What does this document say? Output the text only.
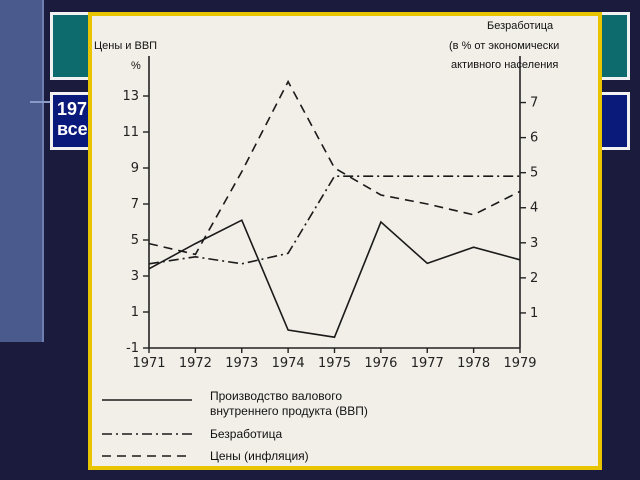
197
все
Цены и ВВП
%
Безработица
(в % от экономически
активного населения
13
11
9
7
5
3
1
-1
7
6
5
4
3
2
1
1971 1972 1973 1974 1975 1976 1977 1978 1979
Производство валового
внутреннего продукта (ВВП)
Безработица
Цены (инфляция)
